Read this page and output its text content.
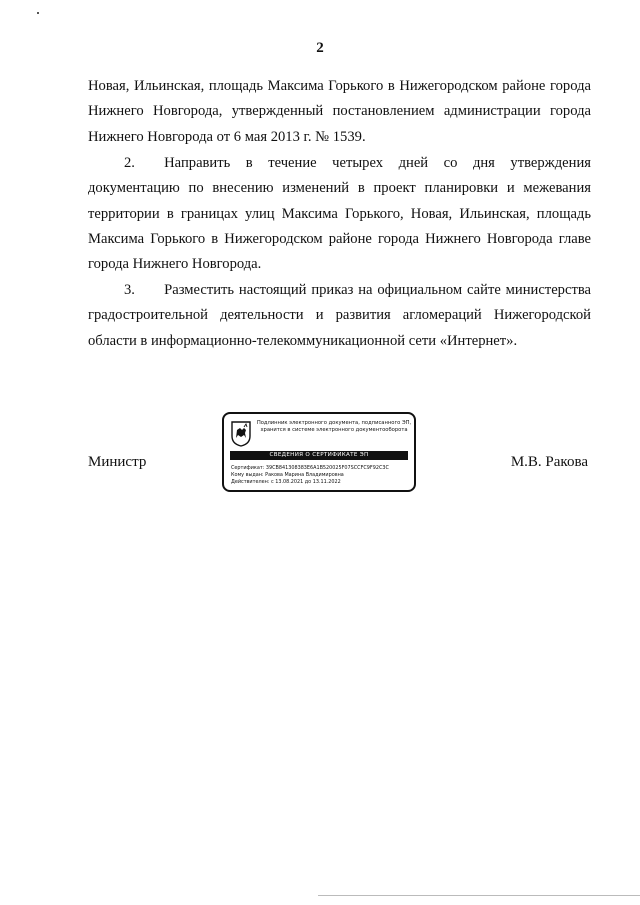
2

Новая, Ильинская, площадь Максима Горького в Нижегородском районе города Нижнего Новгорода, утвержденный постановлением администрации города Нижнего Новгорода от 6 мая 2013 г. № 1539.

2.  Направить в течение четырех дней со дня утверждения документацию по внесению изменений в проект планировки и межевания территории в границах улиц Максима Горького, Новая, Ильинская, площадь Максима Горького в Нижегородском районе города Нижнего Новгорода главе города Нижнего Новгорода.

3.  Разместить настоящий приказ на официальном сайте министерства градостроительной деятельности и развития агломераций Нижегородской области в информационно-телекоммуникационной сети «Интернет».

Министр
Подлинник электронного документа, подписанного ЭП,
хранится в системе электронного документооборота
СВЕДЕНИЯ О СЕРТИФИКАТЕ ЭП
Сертификат: 39CB841308383E6A1B520025F07SCCFC9F92C3C
Кому выдан: Ракова Марина Владимировна
Действителен: с 13.08.2021 до 13.11.2022
М.В. Ракова
